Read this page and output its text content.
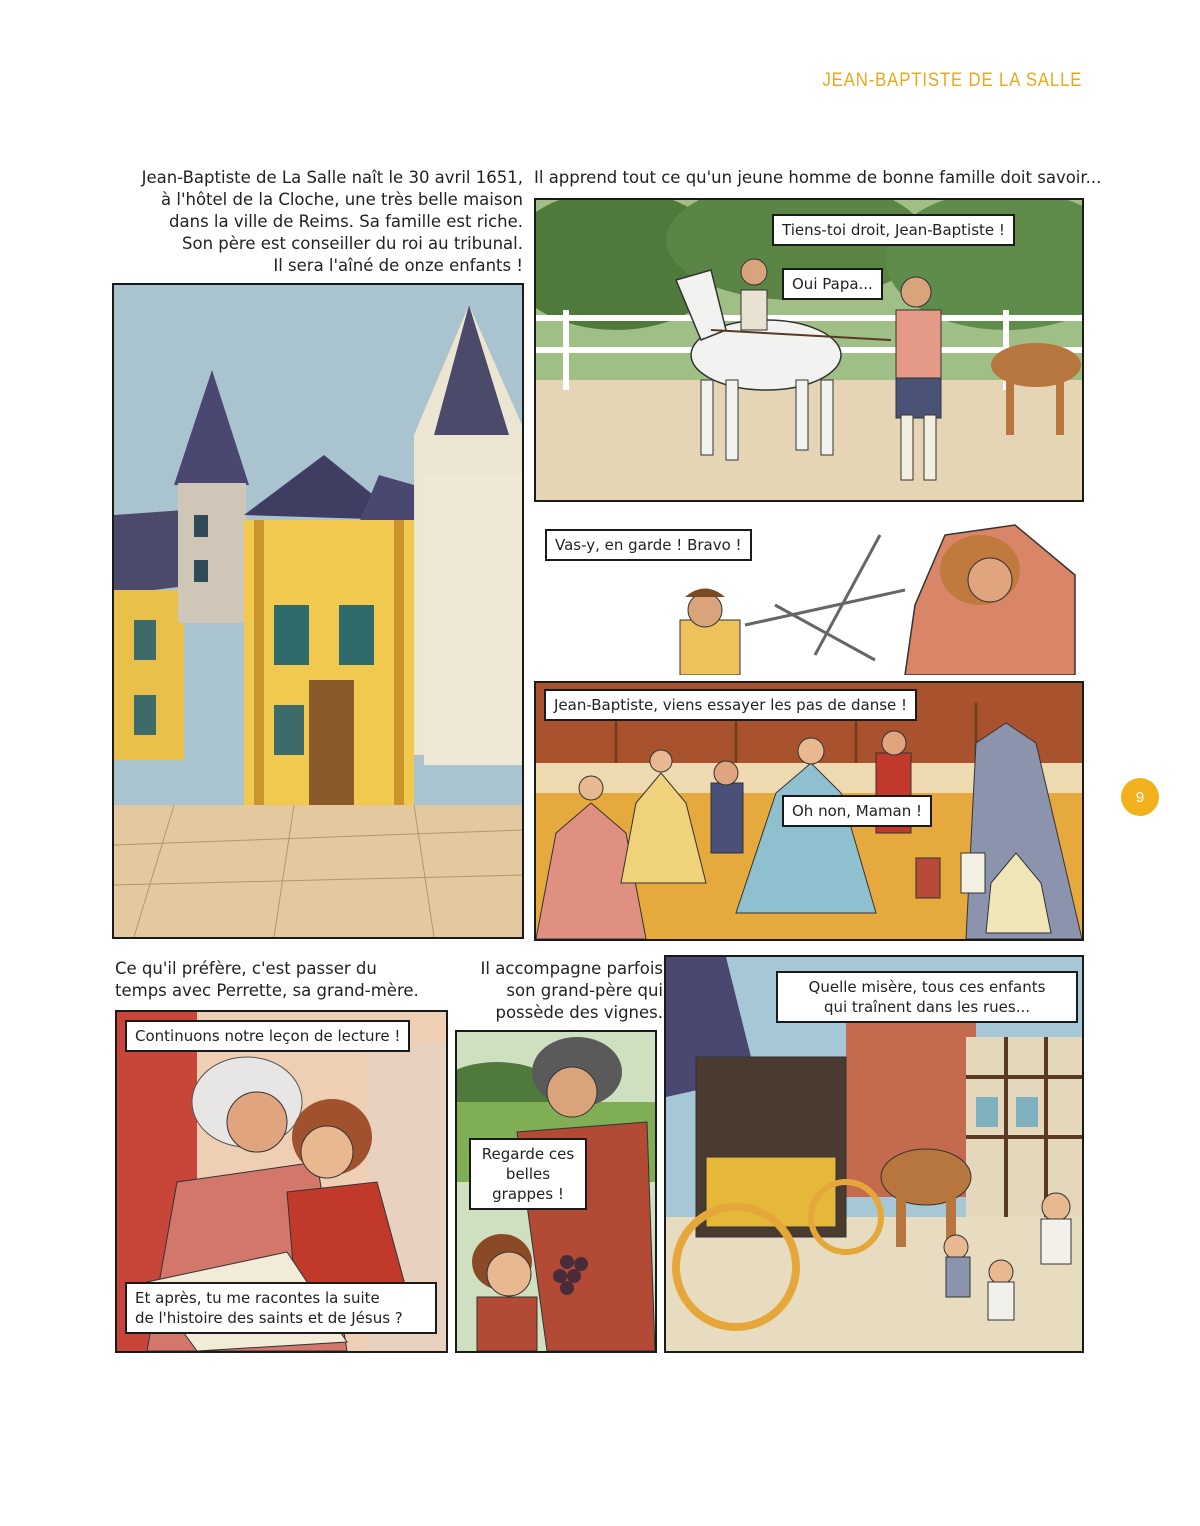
JEAN-BAPTISTE DE LA SALLE
9
Jean-Baptiste de La Salle naît le 30 avril 1651,
à l'hôtel de la Cloche, une très belle maison
dans la ville de Reims. Sa famille est riche.
Son père est conseiller du roi au tribunal.
Il sera l'aîné de onze enfants !
Il apprend tout ce qu'un jeune homme de bonne famille doit savoir...
Tiens-toi droit, Jean-Baptiste !
Oui Papa...
Vas-y, en garde ! Bravo !
Jean-Baptiste, viens essayer les pas de danse !
Oh non, Maman !
Ce qu'il préfère, c'est passer du
temps avec Perrette, sa grand-mère.
Il accompagne parfois
son grand-père qui
possède des vignes.
Continuons notre leçon de lecture !
Et après, tu me racontes la suite
de l'histoire des saints et de Jésus ?
Regarde ces
belles grappes !
Quelle misère, tous ces enfants
qui traînent dans les rues...
